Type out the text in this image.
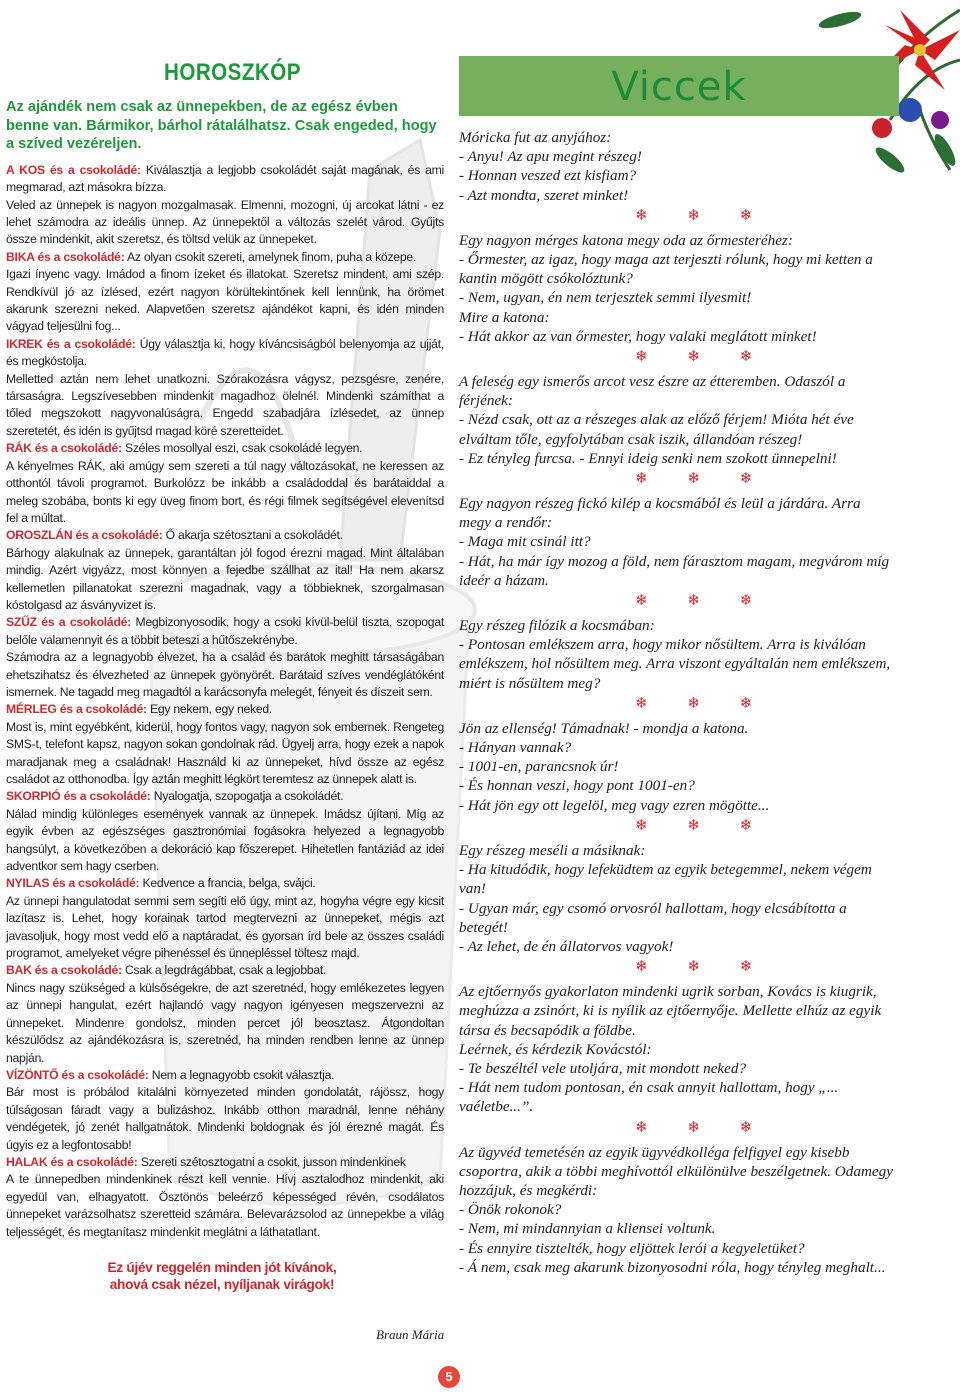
HOROSZKÓP

Az ajándék nem csak az ünnepekben, de az egész évben benne van. Bármikor, bárhol rátalálhatsz. Csak engeded, hogy a szíved vezéreljen.

A KOS és a csokoládé: Kiválasztja a legjobb csokoládét saját magának, és ami megmarad, azt másokra bízza.

Veled az ünnepek is nagyon mozgalmasak. Elmenni, mozogni, új arcokat látni - ez lehet számodra az ideális ünnep. Az ünnepektől a változás szelét várod. Gyűjts össze mindenkit, akit szeretsz, és töltsd velük az ünnepeket.

BIKA és a csokoládé: Az olyan csokit szereti, amelynek finom, puha a közepe.

Igazi ínyenc vagy. Imádod a finom ízeket és illatokat. Szeretsz mindent, ami szép. Rendkívül jó az ízlésed, ezért nagyon körültekintőnek kell lennünk, ha örömet akarunk szerezni neked. Alapvetően szeretsz ajándékot kapni, és idén minden vágyad teljesülni fog...

IKREK és a csokoládé: Úgy választja ki, hogy kíváncsiságból belenyomja az ujját, és megkóstolja.

Melletted aztán nem lehet unatkozni. Szórakozásra vágysz, pezsgésre, zenére, társaságra. Legszívesebben mindenkit magadhoz ölelnél. Mindenki számíthat a tőled megszokott nagyvonalúságra. Engedd szabadjára ízlésedet, az ünnep szeretetét, és idén is gyűjtsd magad köré szeretteidet.

RÁK és a csokoládé: Széles mosollyal eszi, csak csokoládé legyen.

A kényelmes RÁK, aki amúgy sem szereti a túl nagy változásokat, ne keressen az otthontól távoli programot. Burkolózz be inkább a családoddal és barátaiddal a meleg szobába, bonts ki egy üveg finom bort, és régi filmek segítségével elevenítsd fel a múltat.

OROSZLÁN és a csokoládé: Ő akarja szétosztani a csokoládét.

Bárhogy alakulnak az ünnepek, garantáltan jól fogod érezni magad. Mint általában mindig. Azért vigyázz, most könnyen a fejedbe szállhat az ital! Ha nem akarsz kellemetlen pillanatokat szerezni magadnak, vagy a többieknek, szorgalmasan kóstolgasd az ásványvizet is.

SZŰZ és a csokoládé: Megbizonyosodik, hogy a csoki kívül-belül tiszta, szopogat belőle valamennyit és a többit beteszi a hűtőszekrénybe.

Számodra az a legnagyobb élvezet, ha a család és barátok meghitt társaságában ehetszihatsz és élvezheted az ünnepek gyönyörét. Barátaid szíves vendéglátóként ismernek. Ne tagadd meg magadtól a karácsonyfa melegét, fényeit és díszeit sem.

MÉRLEG és a csokoládé: Egy nekem, egy neked.

Most is, mint egyébként, kiderül, hogy fontos vagy, nagyon sok embernek. Rengeteg SMS-t, telefont kapsz, nagyon sokan gondolnak rád. Ügyelj arra, hogy ezek a napok maradjanak meg a családnak! Használd ki az ünnepeket, hívd össze az egész családot az otthonodba. Így aztán meghitt légkört teremtesz az ünnepek alatt is.

SKORPIÓ és a csokoládé: Nyalogatja, szopogatja a csokoládét.

Nálad mindig különleges események vannak az ünnepek. Imádsz újítani. Míg az egyik évben az egészséges gasztronómiai fogásokra helyezed a legnagyobb hangsúlyt, a következőben a dekoráció kap főszerepet. Hihetetlen fantáziád az idei adventkor sem hagy cserben.

NYILAS és a csokoládé: Kedvence a francia, belga, svájci.

Az ünnepi hangulatodat semmi sem segíti elő úgy, mint az, hogyha végre egy kicsit lazítasz is. Lehet, hogy korainak tartod megtervezni az ünnepeket, mégis azt javasoljuk, hogy most vedd elő a naptáradat, és gyorsan írd bele az összes családi programot, amelyeket végre pihenéssel és ünnepléssel töltesz majd.

BAK és a csokoládé: Csak a legdrágábbat, csak a legjobbat.

Nincs nagy szükséged a külsőségekre, de azt szeretnéd, hogy emlékezetes legyen az ünnepi hangulat, ezért hajlandó vagy nagyon igényesen megszervezni az ünnepeket. Mindenre gondolsz, minden percet jól beosztasz. Átgondoltan készülődsz az ajándékozásra is, szeretnéd, ha minden rendben lenne az ünnep napján.

VÍZÖNTŐ és a csokoládé: Nem a legnagyobb csokit választja.

Bár most is próbálod kitalálni környezeted minden gondolatát, rájössz, hogy túlságosan fáradt vagy a bulizáshoz. Inkább otthon maradnál, lenne néhány vendégetek, jó zenét hallgatnátok. Mindenki boldognak és jól érezné magát. És úgyis ez a legfontosabb!

HALAK és a csokoládé: Szereti szétosztogatni a csokit, jusson mindenkinek

A te ünnepedben mindenkinek részt kell vennie. Hívj asztalodhoz mindenkit, aki egyedül van, elhagyatott. Ösztönös beleérző képességed révén, csodálatos ünnepeket varázsolhatsz szeretteid számára. Belevarázsolod az ünnepekbe a világ teljességét, és megtanítasz mindenkit meglátni a láthatatlant.

Ez újév reggelén minden jót kívánok,
ahová csak nézel, nyíljanak virágok!
Viccek

Móricka fut az anyjához:

- Anyu! Az apu megint részeg!

- Honnan veszed ezt kisfiam?

- Azt mondta, szeret minket!

❄ ❄ ❄

Egy nagyon mérges katona megy oda az őrmesteréhez:

- Őrmester, az igaz, hogy maga azt terjeszti rólunk, hogy mi ketten a kantin mögött csókolóztunk?

- Nem, ugyan, én nem terjesztek semmi ilyesmit!

Mire a katona:

- Hát akkor az van őrmester, hogy valaki meglátott minket!

❄ ❄ ❄

A feleség egy ismerős arcot vesz észre az étteremben. Odaszól a férjének:

- Nézd csak, ott az a részeges alak az előző férjem! Mióta hét éve elváltam tőle, egyfolytában csak iszik, állandóan részeg!

- Ez tényleg furcsa. - Ennyi ideig senki nem szokott ünnepelni!

❄ ❄ ❄

Egy nagyon részeg fickó kilép a kocsmából és leül a járdára. Arra megy a rendőr:

- Maga mit csinál itt?

- Hát, ha már így mozog a föld, nem fárasztom magam, megvárom míg ideér a házam.

❄ ❄ ❄

Egy részeg filózik a kocsmában:

- Pontosan emlékszem arra, hogy mikor nősültem. Arra is kiválóan emlékszem, hol nősültem meg. Arra viszont egyáltalán nem emlékszem, miért is nősültem meg?

❄ ❄ ❄

Jön az ellenség! Támadnak! - mondja a katona.

- Hányan vannak?

- 1001-en, parancsnok úr!

- És honnan veszi, hogy pont 1001-en?

- Hát jön egy ott legelöl, meg vagy ezren mögötte...

❄ ❄ ❄

Egy részeg meséli a másiknak:

- Ha kitudódik, hogy lefeküdtem az egyik betegemmel, nekem végem van!

- Ugyan már, egy csomó orvosról hallottam, hogy elcsábította a betegét!

- Az lehet, de én állatorvos vagyok!

❄ ❄ ❄

Az ejtőernyős gyakorlaton mindenki ugrik sorban, Kovács is kiugrik, meghúzza a zsinórt, ki is nyílik az ejtőernyője. Mellette elhúz az egyik társa és becsapódik a földbe.

Leérnek, és kérdezik Kovácstól:

- Te beszéltél vele utoljára, mit mondott neked?

- Hát nem tudom pontosan, én csak annyit hallottam, hogy „... vaéletbe...”.

❄ ❄ ❄

Az ügyvéd temetésén az egyik ügyvédkolléga felfigyel egy kisebb csoportra, akik a többi meghívottól elkülönülve beszélgetnek. Odamegy hozzájuk, és megkérdi:

- Önök rokonok?

- Nem, mi mindannyian a kliensei voltunk.

- És ennyire tisztelték, hogy eljöttek lerói a kegyeletüket?

- Á nem, csak meg akarunk bizonyosodni róla, hogy tényleg meghalt...

Braun Mária
5
